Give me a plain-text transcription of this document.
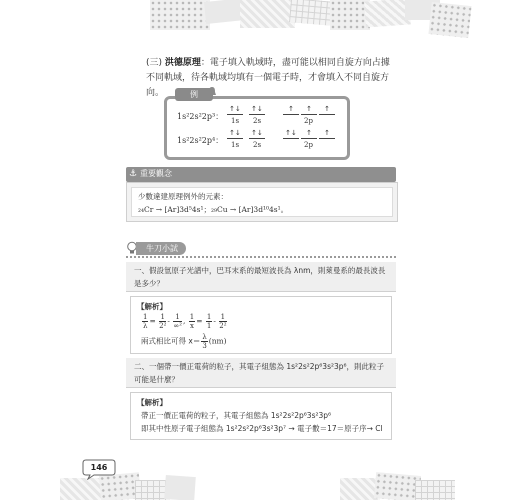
(三) 洪德原理：電子填入軌域時，盡可能以相同自旋方向占據不同軌域，待各軌域均填有一個電子時，才會填入不同自旋方向。
1s²2s²2p³：
↑↓	↑↓	↑	↑	↑
1s 2s	2p
1s²2s²2p⁴：
↑↓	↑↓	↑↓	↑	↑
1s 2s	2p
例
⚓ 重要觀念
少數違建原理例外的元素：
₂₄Cr → [Ar]3d⁵4s¹；₂₉Cu → [Ar]3d¹⁰4s¹。
牛刀小試
一、假設氫原子光譜中，巴耳末系的最短波長為 λnm，則萊曼系的最長波長是多少？
【解析】
$\frac{1}{\lambda} = \frac{1}{\text{2²}} - \frac{1}{\text{∞²}}$ , $\frac{1}{x} = \frac{1}{1} - \frac{1}{\text{2²}}$
兩式相比可得 $x= \frac{\lambda}{3} (nm)$
二、一個帶一價正電荷的粒子，其電子組態為 1s²2s²2p⁶3s²3p⁶，則此粒子可能是什麼？
【解析】
帶正一價正電荷的粒子，其電子組態為 1s²2s²2p⁶3s²3p⁶
即其中性原子電子組態為 1s²2s²2p⁶3s²3p⁷ → 電子數＝17＝原子序→ Cl
146
